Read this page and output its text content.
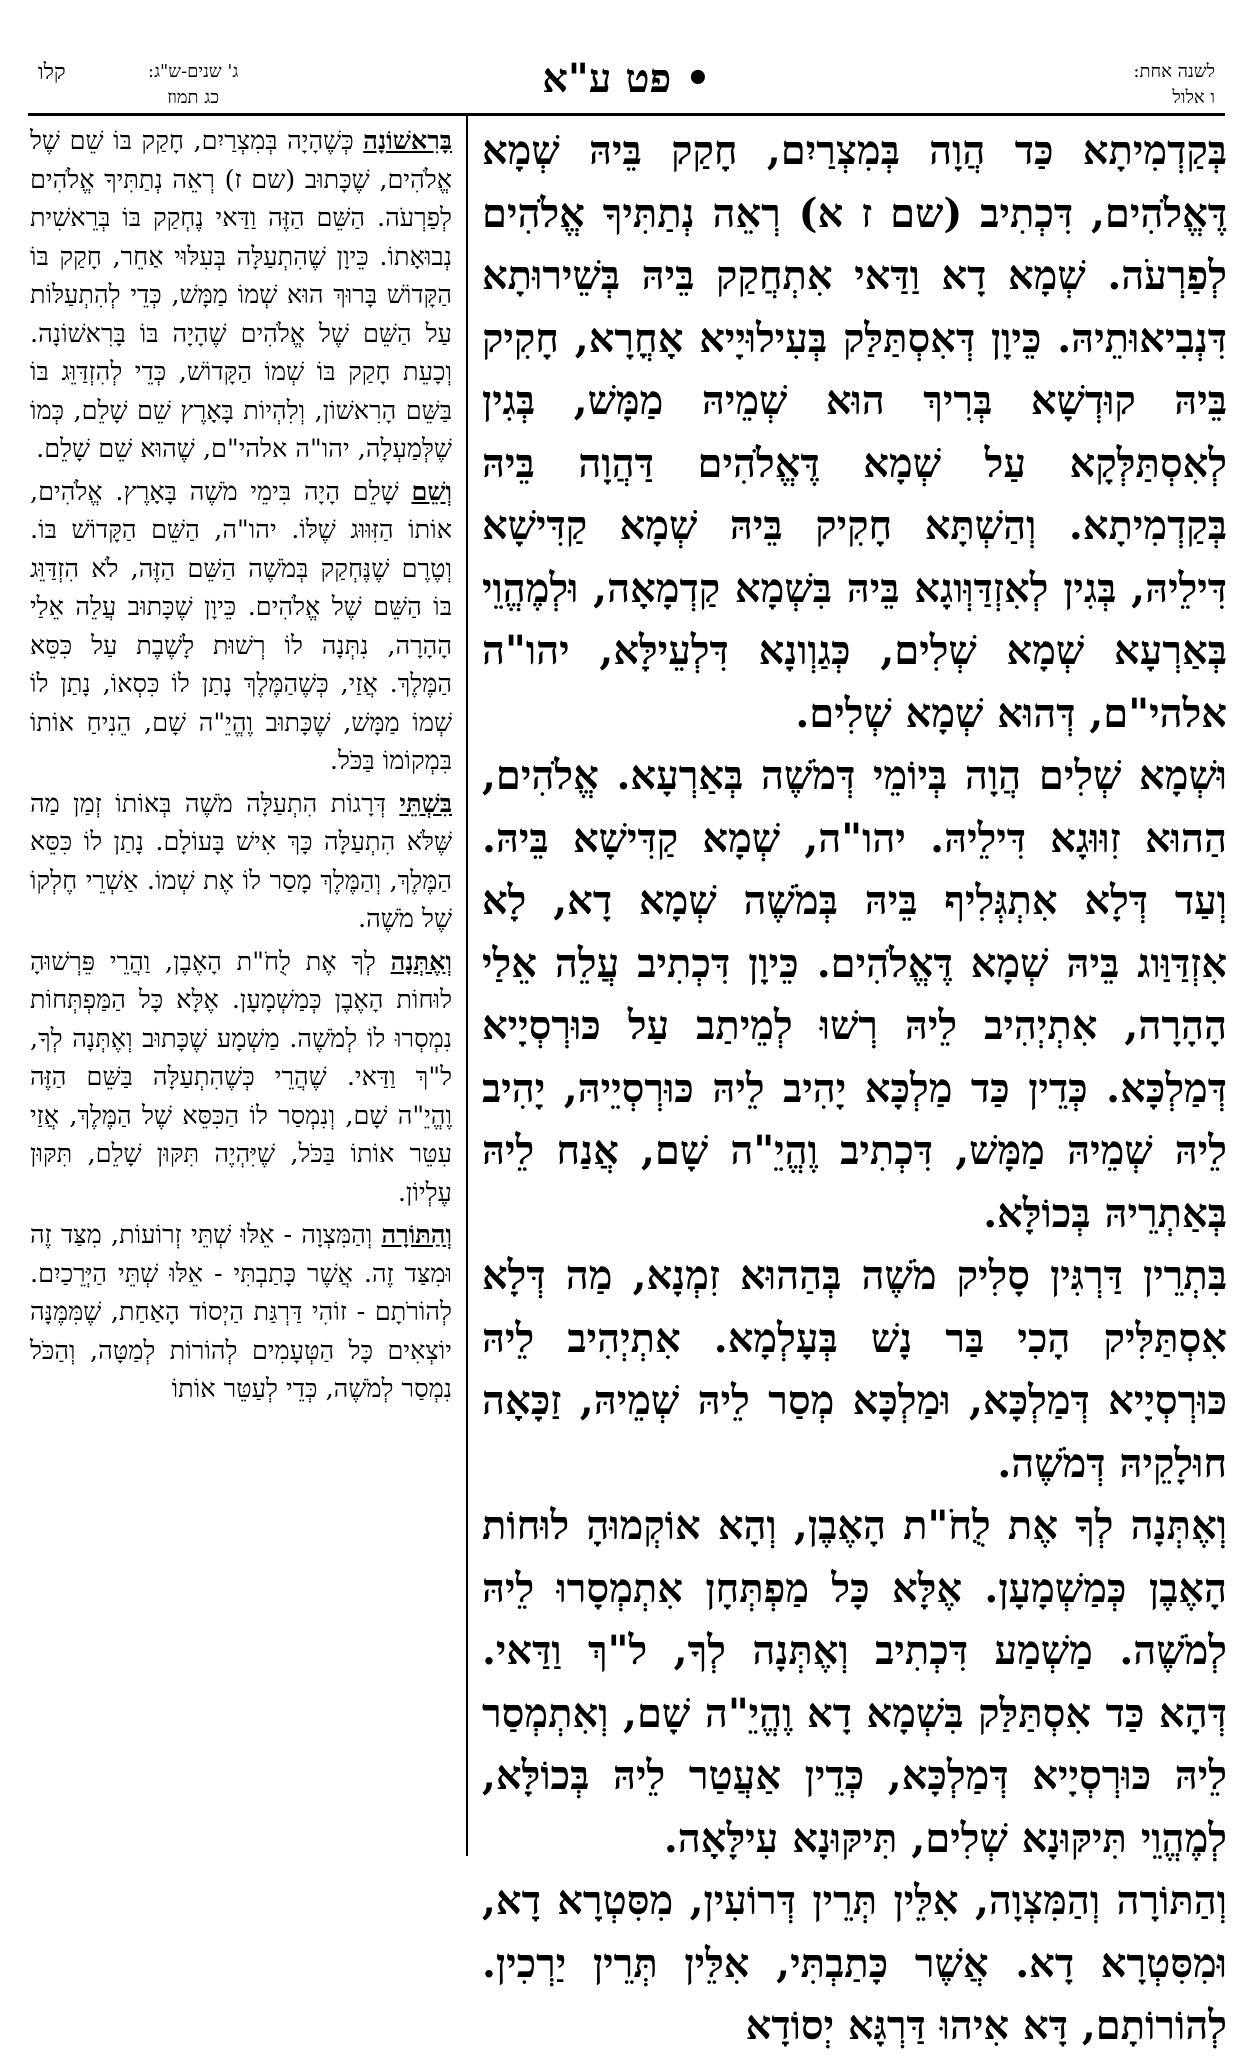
קלו	ג' שנים-ש"ג:
כג תמוז	• פט ע"א	לשנה אחת:
ו אלול

בְּקַדְמִיתָא כַּד הֲוָה בְּמִצְרַיִם, חָקַק בֵּיהּ שְׁמָא דֶּאֱלֹהִים, דִּכְתִיב (שם ז א) רְאֵה נְתַתִּיךָ אֱלֹהִים לְפַרְעֹה. שְׁמָא דָא וַדַּאי אִתְחֲקַק בֵּיהּ בְּשֵׁירוּתָא דִּנְבִיאוּתֵיהּ. כֵּיוָן דְּאִסְתַּלַּק בְּעִילוּיָיא אָחֳרָא, חָקִיק בֵּיהּ קוּדְשָׁא בְּרִיךְ הוּא שְׁמֵיהּ מַמָּשׁ, בְּגִין לְאִסְתַּלְּקָא עַל שְׁמָא דֶּאֱלֹהִים דַּהֲוָה בֵּיהּ בְּקַדְמִיתָא. וְהַשְׁתָּא חָקִיק בֵּיהּ שְׁמָא קַדִּישָׁא דִּילֵיהּ, בְּגִין לְאִזְדַּוְּוגָא בֵּיהּ בִּשְׁמָא קַדְמָאָה, וּלְמֶהֱוֵי בְּאַרְעָא שְׁמָא שְׁלִים, כְּגַוְונָא דִּלְעֵילָּא, יהו"ה אלהי"ם, דְּהוּא שְׁמָא שְׁלִים.

וּשְׁמָא שְׁלִים הֲוָה בְּיוֹמֵי דְּמֹשֶׁה בְּאַרְעָא. אֱלֹהִים, הַהוּא זִוּוּגָא דִּילֵיהּ. יהו"ה, שְׁמָא קַדִּישָׁא בֵּיהּ. וְעַד דְּלָא אִתְגְּלִיף בֵּיהּ בְּמֹשֶׁה שְׁמָא דָא, לָא אִזְדַּוַּוג בֵּיהּ שְׁמָא דֶּאֱלֹהִים. כֵּיוָן דִּכְתִיב עֲלֵה אֵלַי הָהָרָה, אִתְיְהִיב לֵיהּ רְשׁוּ לְמֵיתַב עַל כּוּרְסְיָיא דְּמַלְכָּא. כְּדֵין כַּד מַלְכָּא יָהִיב לֵיהּ כּוּרְסְיֵיהּ, יָהִיב לֵיהּ שְׁמֵיהּ מַמָּשׁ, דִּכְתִיב וֶהֱיֵ"ה שָׁם, אֲנַח לֵיהּ בְּאַתְרֵיהּ בְּכוֹלָּא.

בִּתְרֵין דַּרְגִּין סָלִיק מֹשֶׁה בְּהַהוּא זִמְנָא, מַה דְּלָא אִסְתַּלִּיק הָכִי בַּר נָשׁ בְּעָלְמָא. אִתְיְהִיב לֵיהּ כּוּרְסְיָיא דְּמַלְכָּא, וּמַלְכָּא מְסַר לֵיהּ שְׁמֵיהּ, זַכָּאָה חוּלָקֵיהּ דְּמֹשֶׁה.

וְאֶתְּנָה לְךָ אֶת לֻחֹ"ת הָאֶבֶן, וְהָא אוֹקְמוּהָ לוּחוֹת הָאֶבֶן כְּמַשְׁמָעָן. אֶלָּא כָּל מַפְתְּחָן אִתְמְסָרוּ לֵיהּ לְמֹשֶׁה. מַשְׁמַע דִּכְתִיב וְאֶתְּנָה לְךָ, ל"ךְ וַדַּאי. דְּהָא כַּד אִסְתַּלַּק בִּשְׁמָא דָא וֶהֱיֵ"ה שָׁם, וְאִתְמְסַר לֵיהּ כּוּרְסְיָיא דְּמַלְכָּא, כְּדֵין אַעֲטַר לֵיהּ בְּכוֹלָּא, לְמֶהֱוֵי תִּיקּוּנָא שְׁלִים, תִּיקּוּנָא עִילָּאָה.

וְהַתּוֹרָה וְהַמִּצְוָה, אִלֵּין תְּרֵין דְּרוֹעִין, מִסִּטְרָא דָא, וּמִסִּטְרָא דָא. אֲשֶׁר כָּתַבְתִּי, אִלֵּין תְּרֵין יַרְכִין. לְהוֹרוֹתָם, דָּא אִיהוּ דַּרְגָּא יְסוֹדָא

בָּרִאשׁוֹנָה כְּשֶׁהָיָה בְּמִצְרַיִם, חָקַק בּוֹ שֵׁם שֶׁל אֱלֹהִים, שֶׁכָּתוּב (שם ז) רְאֵה נְתַתִּיךָ אֱלֹהִים לְפַרְעֹה. הַשֵּׁם הַזֶּה וַדַּאי נֶחְקַק בּוֹ בְּרֵאשִׁית נְבוּאָתוֹ. כֵּיוָן שֶׁהִתְעַלָּה בְּעִלּוּי אַחֵר, חָקַק בּוֹ הַקָּדוֹשׁ בָּרוּךְ הוּא שְׁמוֹ מַמָּשׁ, כְּדֵי לְהִתְעַלּוֹת עַל הַשֵּׁם שֶׁל אֱלֹהִים שֶׁהָיָה בּוֹ בָּרִאשׁוֹנָה. וְכָעֵת חָקַק בּוֹ שְׁמוֹ הַקָּדוֹשׁ, כְּדֵי לְהִזְדַּוֵּג בּוֹ בַּשֵּׁם הָרִאשׁוֹן, וְלִהְיוֹת בָּאָרֶץ שֵׁם שָׁלֵם, כְּמוֹ שֶׁלְּמַעְלָה, יהו"ה אלהי"ם, שֶׁהוּא שֵׁם שָׁלֵם.

וְשֵׁם שָׁלֵם הָיָה בִּימֵי מֹשֶׁה בָּאָרֶץ. אֱלֹהִים, אוֹתוֹ הַזִּוּוּג שֶׁלּוֹ. יהו"ה, הַשֵּׁם הַקָּדוֹשׁ בּוֹ. וְטֶרֶם שֶׁנֶּחְקַק בְּמֹשֶׁה הַשֵּׁם הַזֶּה, לֹא הִזְדַּוֵּג בּוֹ הַשֵּׁם שֶׁל אֱלֹהִים. כֵּיוָן שֶׁכָּתוּב עֲלֵה אֵלַי הָהָרָה, נִתְּנָה לוֹ רְשׁוּת לָשֶׁבֶת עַל כִּסֵּא הַמֶּלֶךְ. אֲזַי, כְּשֶׁהַמֶּלֶךְ נָתַן לוֹ כִּסְאוֹ, נָתַן לוֹ שְׁמוֹ מַמָּשׁ, שֶׁכָּתוּב וֶהֱיֵ"ה שָׁם, הֵנִיחַ אוֹתוֹ בִּמְקוֹמוֹ בַּכֹּל.

בִּשְׁתֵּי דְּרָגוֹת הִתְעַלָּה מֹשֶׁה בְּאוֹתוֹ זְמַן מַה שֶּׁלֹּא הִתְעַלָּה כָּךְ אִישׁ בָּעוֹלָם. נָתַן לוֹ כִּסֵּא הַמֶּלֶךְ, וְהַמֶּלֶךְ מָסַר לוֹ אֶת שְׁמוֹ. אַשְׁרֵי חֶלְקוֹ שֶׁל מֹשֶׁה.

וְאֶתְּנָה לְךָ אֶת לֻחֹ"ת הָאֶבֶן, וַהֲרֵי פֵּרְשׁוּהָ לוּחוֹת הָאֶבֶן כְּמַשְׁמָעָן. אֶלָּא כָּל הַמַּפְתְּחוֹת נִמְסְרוּ לוֹ לְמֹשֶׁה. מַשְׁמָע שֶׁכָּתוּב וְאֶתְּנָה לְךָ, ל"ךְ וַדַּאי. שֶׁהֲרֵי כְּשֶׁהִתְעַלָּה בַּשֵּׁם הַזֶּה וֶהֱיֵ"ה שָׁם, וְנִמְסַר לוֹ הַכִּסֵּא שֶׁל הַמֶּלֶךְ, אֲזַי עִטֵּר אוֹתוֹ בַּכֹּל, שֶׁיִּהְיֶה תִּקּוּן שָׁלֵם, תִּקּוּן עֶלְיוֹן.

וְהַתּוֹרָה וְהַמִּצְוָה - אֵלּוּ שְׁתֵּי זְרוֹעוֹת, מִצַּד זֶה וּמִצַּד זֶה. אֲשֶׁר כָּתַבְתִּי - אֵלּוּ שְׁתֵּי הַיְּרֵכַיִם. לְהוֹרֹתָם - זוֹהִי דַּרְגַּת הַיְסוֹד הָאַחַת, שֶׁמִּמֶּנָּה יוֹצְאִים כָּל הַטְּעָמִים לְהוֹרוֹת לְמַטָּה, וְהַכֹּל נִמְסַר לְמֹשֶׁה, כְּדֵי לְעַטֵּר אוֹתוֹ
